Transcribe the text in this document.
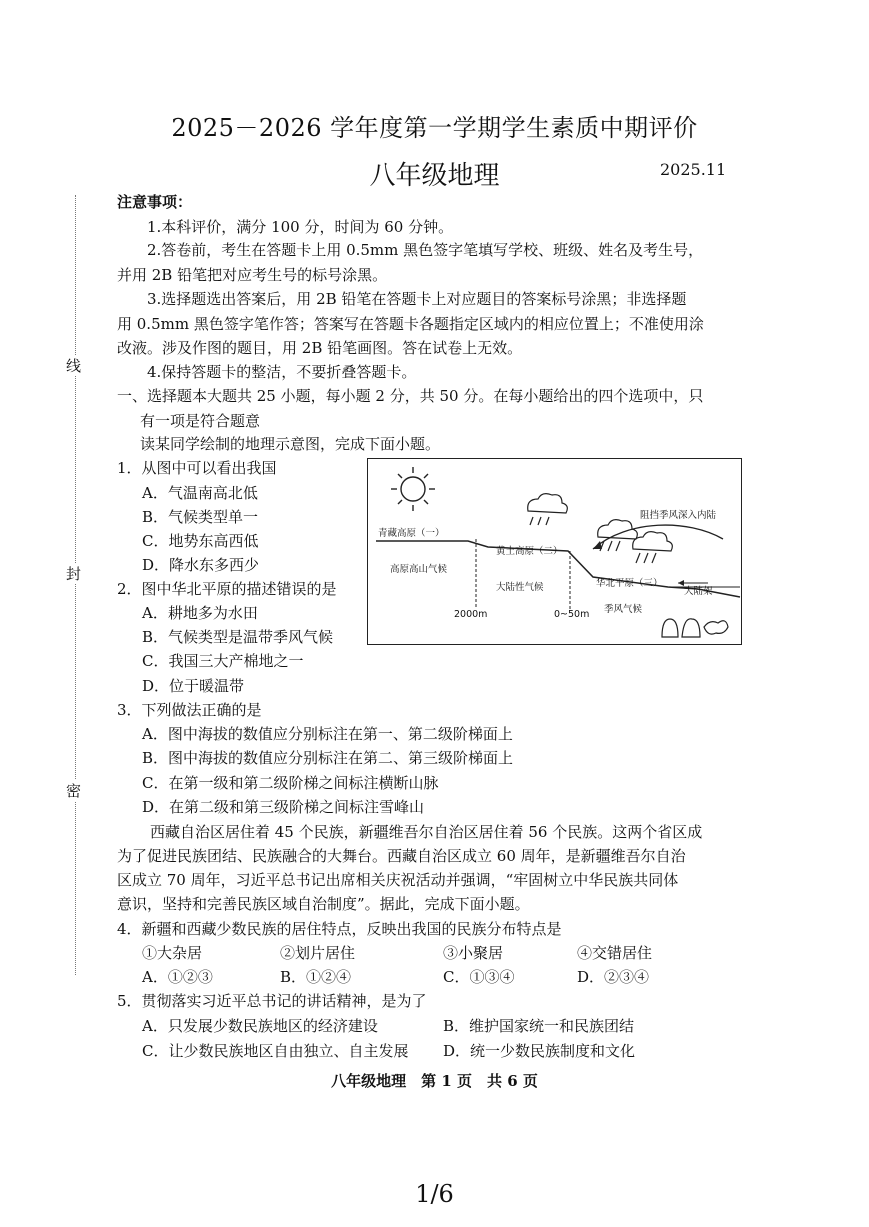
2025－2026 学年度第一学期学生素质中期评价
八年级地理	2025.11
线
封
密
注意事项：
1.本科评价，满分 100 分，时间为 60 分钟。
2.答卷前，考生在答题卡上用 0.5mm 黑色签字笔填写学校、班级、姓名及考生号，
并用 2B 铅笔把对应考生号的标号涂黑。
3.选择题选出答案后，用 2B 铅笔在答题卡上对应题目的答案标号涂黑；非选择题
用 0.5mm 黑色签字笔作答；答案写在答题卡各题指定区域内的相应位置上；不准使用涂
改液。涉及作图的题目，用 2B 铅笔画图。答在试卷上无效。
4.保持答题卡的整洁，不要折叠答题卡。
一、选择题本大题共 25 小题，每小题 2 分，共 50 分。在每小题给出的四个选项中，只
有一项是符合题意
读某同学绘制的地理示意图，完成下面小题。
1．从图中可以看出我国
A．气温南高北低
B．气候类型单一
C．地势东高西低
D．降水东多西少
2．图中华北平原的描述错误的是
A．耕地多为水田
B．气候类型是温带季风气候
C．我国三大产棉地之一
D．位于暖温带
青藏高原（一）
高原高山气候
黄土高原（二）
大陆性气候
阻挡季风深入内陆
华北平原（三）
大陆架
季风气候
2000m	0~50m
3．下列做法正确的是
A．图中海拔的数值应分别标注在第一、第二级阶梯面上
B．图中海拔的数值应分别标注在第二、第三级阶梯面上
C．在第一级和第二级阶梯之间标注横断山脉
D．在第二级和第三级阶梯之间标注雪峰山
西藏自治区居住着 45 个民族，新疆维吾尔自治区居住着 56 个民族。这两个省区成
为了促进民族团结、民族融合的大舞台。西藏自治区成立 60 周年，是新疆维吾尔自治
区成立 70 周年，习近平总书记出席相关庆祝活动并强调，“牢固树立中华民族共同体
意识，坚持和完善民族区域自治制度”。据此，完成下面小题。
4．新疆和西藏少数民族的居住特点，反映出我国的民族分布特点是
①大杂居	②划片居住	③小聚居	④交错居住
A．①②③	B．①②④	C．①③④	D．②③④
5．贯彻落实习近平总书记的讲话精神，是为了
A．只发展少数民族地区的经济建设	B．维护国家统一和民族团结
C．让少数民族地区自由独立、自主发展 D．统一少数民族制度和文化
八年级地理　第 1 页　共 6 页
1/6
